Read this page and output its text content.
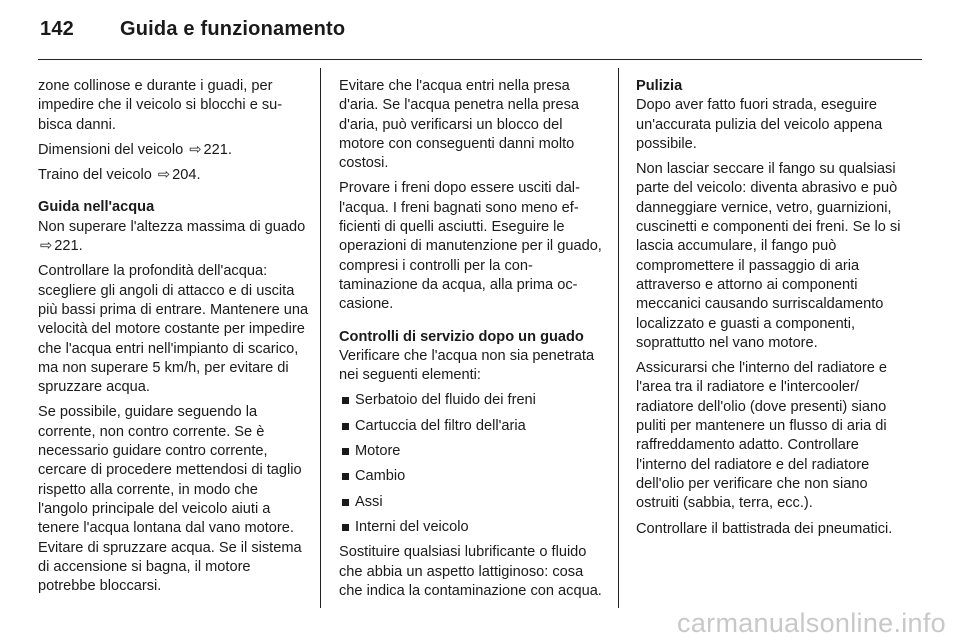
142 Guida e funzionamento

zone collinose e durante i guadi, per impedire che il veicolo si blocchi e subisca danni.

Dimensioni del veicolo ⇨ 221.

Traino del veicolo ⇨ 204.

Guida nell'acqua

Non superare l'altezza massima di guado ⇨ 221.

Controllare la profondità dell'acqua: scegliere gli angoli di attacco e di uscita più bassi prima di entrare. Mantenere una velocità del motore costante per impedire che l'acqua entri nell'impianto di scarico, ma non superare 5 km/h, per evitare di spruzzare acqua.

Se possibile, guidare seguendo la corrente, non contro corrente. Se è necessario guidare contro corrente, cercare di procedere mettendosi di taglio rispetto alla corrente, in modo che l'angolo principale del veicolo aiuti a tenere l'acqua lontana dal vano motore. Evitare di spruzzare acqua. Se il sistema di accensione si bagna, il motore potrebbe bloccarsi.

Evitare che l'acqua entri nella presa d'aria. Se l'acqua penetra nella presa d'aria, può verificarsi un blocco del motore con conseguenti danni molto costosi.

Provare i freni dopo essere usciti dall'acqua. I freni bagnati sono meno efficienti di quelli asciutti. Eseguire le operazioni di manutenzione per il guado, compresi i controlli per la contaminazione da acqua, alla prima occasione.

Controlli di servizio dopo un guado

Verificare che l'acqua non sia penetrata nei seguenti elementi:

Serbatoio del fluido dei freni
Cartuccia del filtro dell'aria
Motore
Cambio
Assi
Interni del veicolo

Sostituire qualsiasi lubrificante o fluido che abbia un aspetto lattiginoso: cosa che indica la contaminazione con acqua.

Pulizia

Dopo aver fatto fuori strada, eseguire un'accurata pulizia del veicolo appena possibile.

Non lasciar seccare il fango su qualsiasi parte del veicolo: diventa abrasivo e può danneggiare vernice, vetro, guarnizioni, cuscinetti e componenti dei freni. Se lo si lascia accumulare, il fango può compromettere il passaggio di aria attraverso e attorno ai componenti meccanici causando surriscaldamento localizzato e guasti a componenti, soprattutto nel vano motore.

Assicurarsi che l'interno del radiatore e l'area tra il radiatore e l'intercooler/ radiatore dell'olio (dove presenti) siano puliti per mantenere un flusso di aria di raffreddamento adatto. Controllare l'interno del radiatore e del radiatore dell'olio per verificare che non siano ostruiti (sabbia, terra, ecc.).

Controllare il battistrada dei pneumatici.

carmanualsonline.info
